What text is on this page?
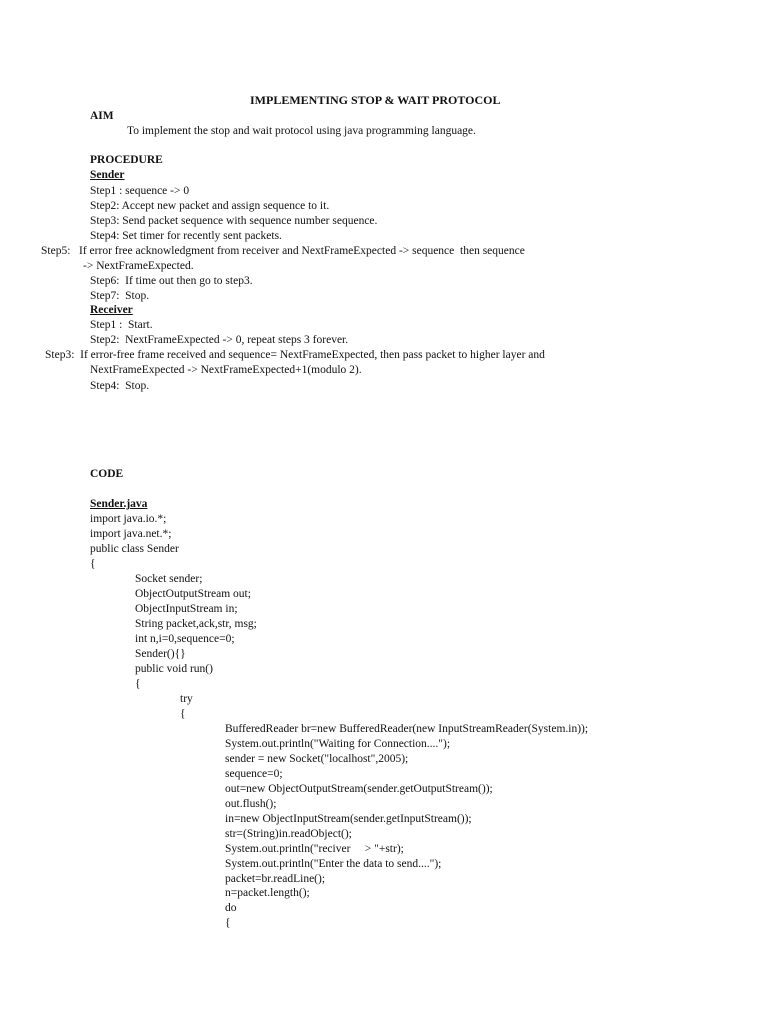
IMPLEMENTING STOP & WAIT PROTOCOL
AIM
To implement the stop and wait protocol using java programming language.
PROCEDURE
Sender
Step1 : sequence -> 0
Step2: Accept new packet and assign sequence to it.
Step3: Send packet sequence with sequence number sequence.
Step4: Set timer for recently sent packets.
Step5:   If error free acknowledgment from receiver and NextFrameExpected -> sequence  then sequence
-> NextFrameExpected.
Step6:  If time out then go to step3.
Step7:  Stop.
Receiver
Step1 :  Start.
Step2:  NextFrameExpected -> 0, repeat steps 3 forever.
Step3:  If error-free frame received and sequence= NextFrameExpected, then pass packet to higher layer and
NextFrameExpected -> NextFrameExpected+1(modulo 2).
Step4:  Stop.
CODE
Sender.java
import java.io.*;
import java.net.*;
public class Sender
{
Socket sender;
ObjectOutputStream out;
ObjectInputStream in;
String packet,ack,str, msg;
int n,i=0,sequence=0;
Sender(){}
public void run()
{
try
{
BufferedReader br=new BufferedReader(new InputStreamReader(System.in));
System.out.println("Waiting for Connection....");
sender = new Socket("localhost",2005);
sequence=0;
out=new ObjectOutputStream(sender.getOutputStream());
out.flush();
in=new ObjectInputStream(sender.getInputStream());
str=(String)in.readObject();
System.out.println("reciver     > "+str);
System.out.println("Enter the data to send....");
packet=br.readLine();
n=packet.length();
do
{
